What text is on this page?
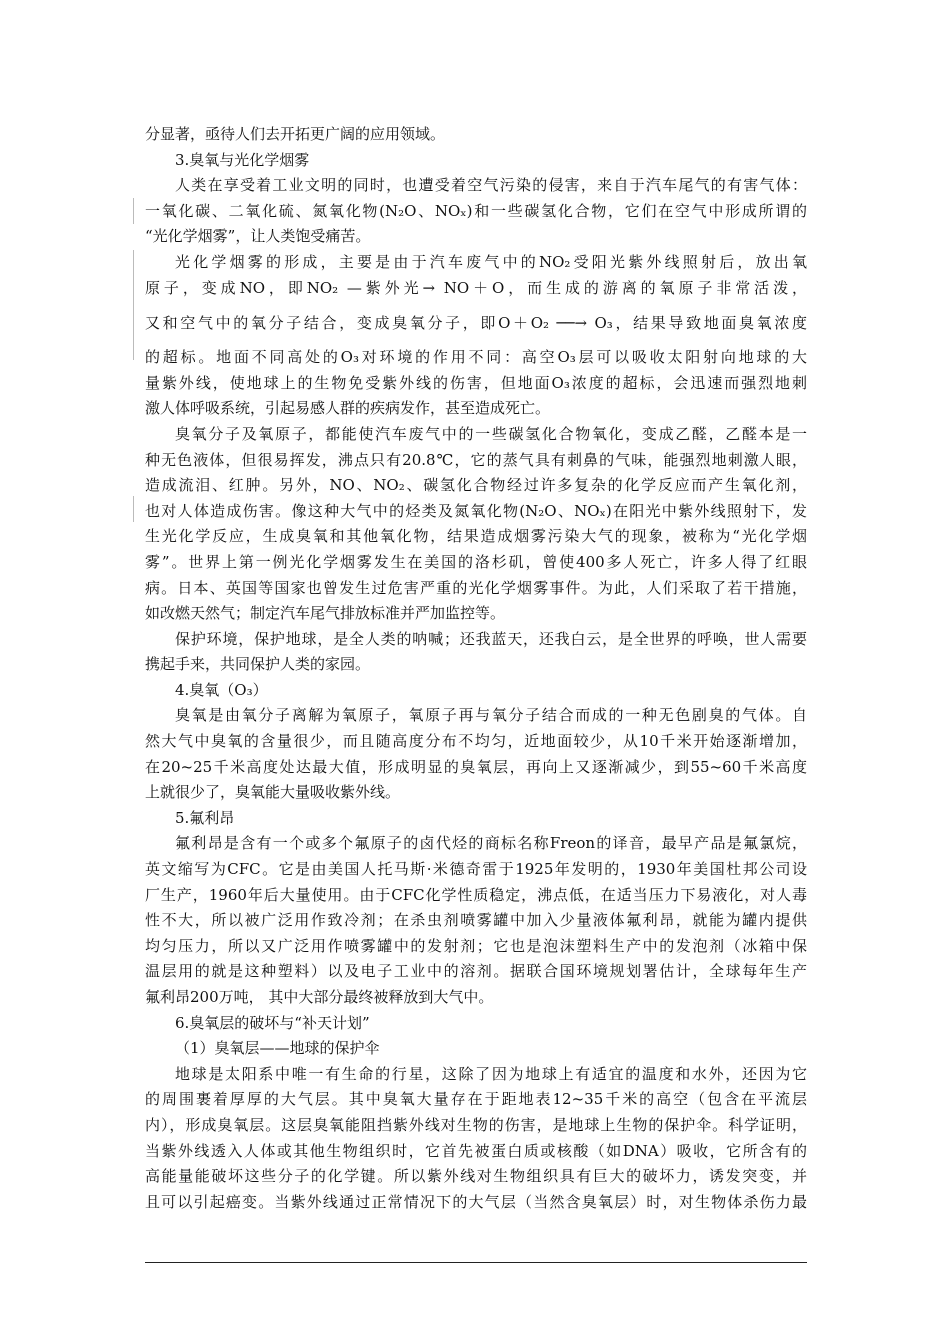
分显著，亟待人们去开拓更广阔的应用领域。
3.臭氧与光化学烟雾
人类在享受着工业文明的同时，也遭受着空气污染的侵害，来自于汽车尾气的有害气体：
一氧化碳、二氧化硫、氮氧化物(N₂O、NOₓ)和一些碳氢化合物，它们在空气中形成所谓的
“光化学烟雾”，让人类饱受痛苦。
光化学烟雾的形成，主要是由于汽车废气中的NO₂受阳光紫外线照射后，放出氧
原子，变成NO，即NO₂ —紫外光→ NO＋O，而生成的游离的氧原子非常活泼，
又和空气中的氧分子结合，变成臭氧分子，即O＋O₂ ──→ O₃，结果导致地面臭氧浓度
的超标。地面不同高处的O₃对环境的作用不同：高空O₃层可以吸收太阳射向地球的大
量紫外线，使地球上的生物免受紫外线的伤害，但地面O₃浓度的超标，会迅速而强烈地刺
激人体呼吸系统，引起易感人群的疾病发作，甚至造成死亡。
臭氧分子及氧原子，都能使汽车废气中的一些碳氢化合物氧化，变成乙醛，乙醛本是一
种无色液体，但很易挥发，沸点只有20.8℃，它的蒸气具有刺鼻的气味，能强烈地刺激人眼，
造成流泪、红肿。另外，NO、NO₂、碳氢化合物经过许多复杂的化学反应而产生氧化剂，
也对人体造成伤害。像这种大气中的烃类及氮氧化物(N₂O、NOₓ)在阳光中紫外线照射下，发
生光化学反应，生成臭氧和其他氧化物，结果造成烟雾污染大气的现象，被称为“光化学烟
雾”。世界上第一例光化学烟雾发生在美国的洛杉矶，曾使400多人死亡，许多人得了红眼
病。日本、英国等国家也曾发生过危害严重的光化学烟雾事件。为此，人们采取了若干措施，
如改燃天然气；制定汽车尾气排放标准并严加监控等。
保护环境，保护地球，是全人类的呐喊；还我蓝天，还我白云，是全世界的呼唤，世人需要
携起手来，共同保护人类的家园。
4.臭氧（O₃）
臭氧是由氧分子离解为氧原子，氧原子再与氧分子结合而成的一种无色剧臭的气体。自
然大气中臭氧的含量很少，而且随高度分布不均匀，近地面较少，从10千米开始逐渐增加，
在20~25千米高度处达最大值，形成明显的臭氧层，再向上又逐渐减少，到55~60千米高度
上就很少了，臭氧能大量吸收紫外线。
5.氟利昂
氟利昂是含有一个或多个氟原子的卤代烃的商标名称Freon的译音，最早产品是氟氯烷，
英文缩写为CFC。它是由美国人托马斯·米德奇雷于1925年发明的，1930年美国杜邦公司设
厂生产，1960年后大量使用。由于CFC化学性质稳定，沸点低，在适当压力下易液化，对人毒
性不大，所以被广泛用作致冷剂；在杀虫剂喷雾罐中加入少量液体氟利昂，就能为罐内提供
均匀压力，所以又广泛用作喷雾罐中的发射剂；它也是泡沫塑料生产中的发泡剂（冰箱中保
温层用的就是这种塑料）以及电子工业中的溶剂。据联合国环境规划署估计，全球每年生产
氟利昂200万吨， 其中大部分最终被释放到大气中。
6.臭氧层的破坏与“补天计划”
（1）臭氧层——地球的保护伞
地球是太阳系中唯一有生命的行星，这除了因为地球上有适宜的温度和水外，还因为它
的周围裹着厚厚的大气层。其中臭氧大量存在于距地表12~35千米的高空（包含在平流层
内），形成臭氧层。这层臭氧能阻挡紫外线对生物的伤害，是地球上生物的保护伞。科学证明，
当紫外线透入人体或其他生物组织时，它首先被蛋白质或核酸（如DNA）吸收，它所含有的
高能量能破坏这些分子的化学键。所以紫外线对生物组织具有巨大的破坏力，诱发突变，并
且可以引起癌变。当紫外线通过正常情况下的大气层（当然含臭氧层）时，对生物体杀伤力最
